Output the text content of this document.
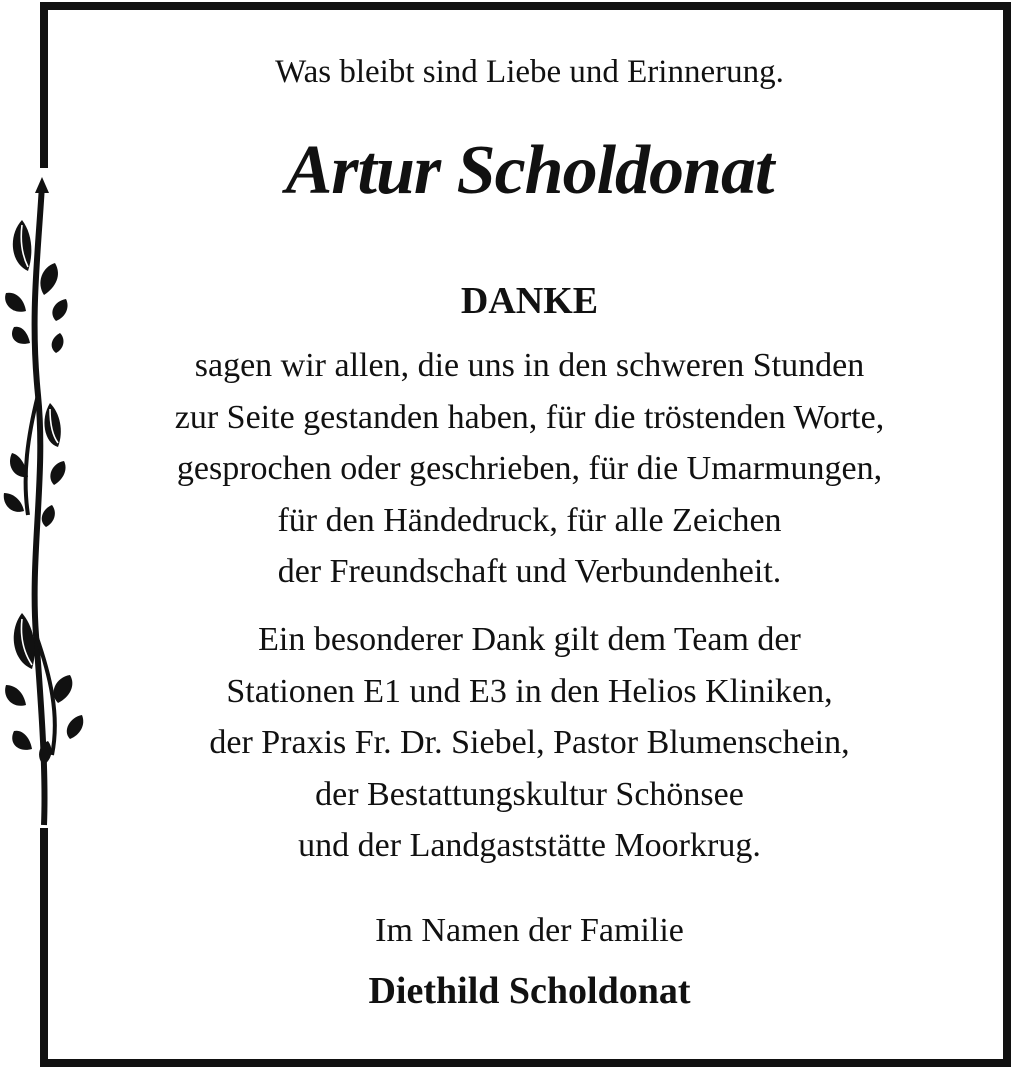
Was bleibt sind Liebe und Erinnerung.
Artur Scholdonat
DANKE
sagen wir allen, die uns in den schweren Stunden
zur Seite gestanden haben, für die tröstenden Worte,
gesprochen oder geschrieben, für die Umarmungen,
für den Händedruck, für alle Zeichen
der Freundschaft und Verbundenheit.
Ein besonderer Dank gilt dem Team der
Stationen E1 und E3 in den Helios Kliniken,
der Praxis Fr. Dr. Siebel, Pastor Blumenschein,
der Bestattungskultur Schönsee
und der Landgaststätte Moorkrug.
Im Namen der Familie
Diethild Scholdonat
